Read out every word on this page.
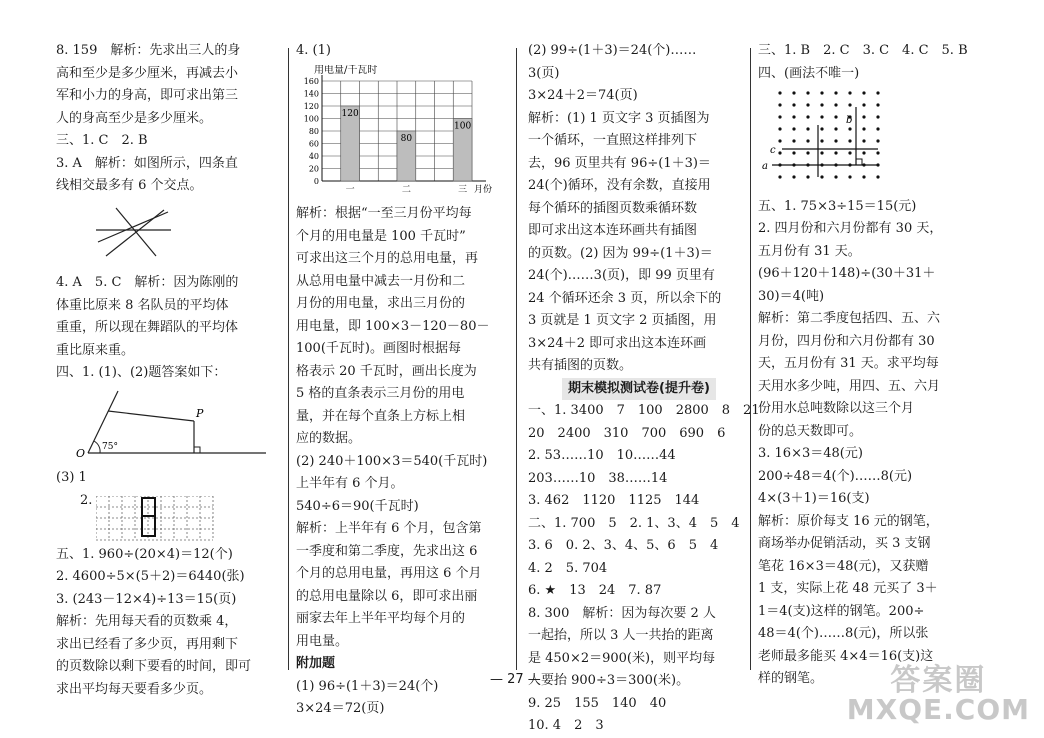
8. 159　解析：先求出三人的身

高和至少是多少厘米，再减去小

军和小力的身高，即可求出第三

人的身高至少是多少厘米。

三、1. C　2. B

3. A　解析：如图所示，四条直

线相交最多有 6 个交点。

4. A　5. C　解析：因为陈刚的

体重比原来 8 名队员的平均体

重重，所以现在舞蹈队的平均体

重比原来重。

四、1. (1)、(2)题答案如下：

P
O 75°

(3) 1

2.

五、1. 960÷(20×4)＝12(个)

2. 4600÷5×(5＋2)＝6440(张)

3. (243－12×4)÷13＝15(页)

解析：先用每天看的页数乘 4，

求出已经看了多少页，再用剩下

的页数除以剩下要看的时间，即可

求出平均每天要看多少页。

4. (1)

用电量/千瓦时
0
20
40
60
80
100
120
140
160
120
一
80
二
100
三 月份

解析：根据“一至三月份平均每

个月的用电量是 100 千瓦时”

可求出这三个月的总用电量，再

从总用电量中减去一月份和二

月份的用电量，求出三月份的

用电量，即 100×3－120－80－

100(千瓦时)。画图时根据每

格表示 20 千瓦时，画出长度为

5 格的直条表示三月份的用电

量，并在每个直条上方标上相

应的数据。

(2) 240＋100×3＝540(千瓦时)

上半年有 6 个月。

540÷6＝90(千瓦时)

解析：上半年有 6 个月，包含第

一季度和第二季度，先求出这 6

个月的总用电量，再用这 6 个月

的总用电量除以 6，即可求出丽

丽家去年上半年平均每个月的

用电量。

附加题

(1) 96÷(1＋3)＝24(个)

3×24＝72(页)

(2) 99÷(1＋3)＝24(个)……

3(页)

3×24＋2＝74(页)

解析：(1) 1 页文字 3 页插图为

一个循环，一直照这样排列下

去，96 页里共有 96÷(1＋3)＝

24(个)循环，没有余数，直接用

每个循环的插图页数乘循环数

即可求出这本连环画共有插图

的页数。(2) 因为 99÷(1＋3)＝

24(个)……3(页)，即 99 页里有

24 个循环还余 3 页，所以余下的

3 页就是 1 页文字 2 页插图，用

3×24＋2 即可求出这本连环画

共有插图的页数。

期末模拟测试卷(提升卷)

一、1. 3400　7　100　2800　8　21

20　2400　310　700　690　6

2. 53……10　10……44

203……10　38……14

3. 462　1120　1125　144

二、1. 700　5　2. 1、3、4　5　4

3. 6　0. 2、3、4、5、6　5　4

4. 2　5. 704

6. ★　13　24　7. 87

8. 300　解析：因为每次要 2 人

一起抬，所以 3 人一共抬的距离

是 450×2＝900(米)，则平均每

人要抬 900÷3＝300(米)。

9. 25　155　140　40

10. 4　2　3

三、1. B　2. C　3. C　4. C　5. B

四、(画法不唯一)

b
c
a

五、1. 75×3÷15＝15(元)

2. 四月份和六月份都有 30 天，

五月份有 31 天。

(96＋120＋148)÷(30＋31＋

30)＝4(吨)

解析：第二季度包括四、五、六

月份，四月份和六月份都有 30

天，五月份有 31 天。求平均每

天用水多少吨，用四、五、六月

份用水总吨数除以这三个月

份的总天数即可。

3. 16×3＝48(元)

200÷48＝4(个)……8(元)

4×(3＋1)＝16(支)

解析：原价每支 16 元的钢笔，

商场举办促销活动，买 3 支钢

笔花 16×3＝48(元)，又获赠

1 支，实际上花 48 元买了 3＋

1＝4(支)这样的钢笔。200÷

48＝4(个)……8(元)，所以张

老师最多能买 4×4＝16(支)这

样的钢笔。

— 27 —	答案圈
MXQE.COM
